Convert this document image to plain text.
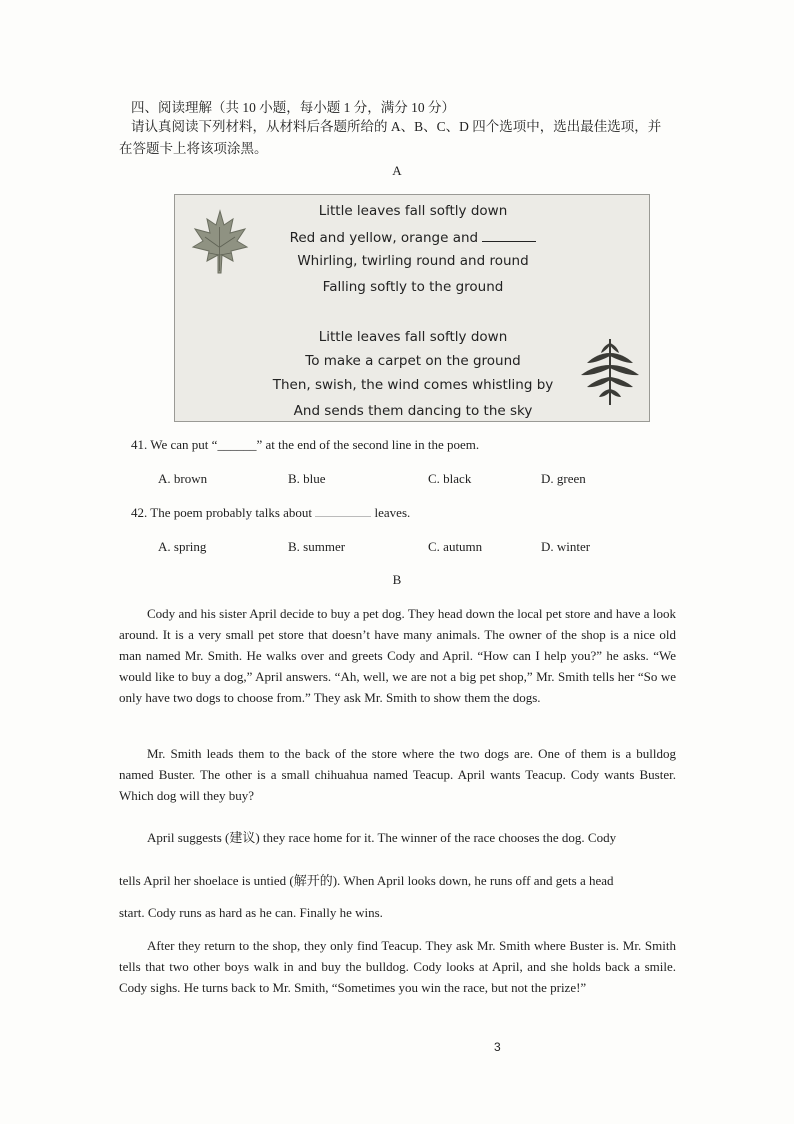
四、阅读理解（共 10 小题，每小题 1 分，满分 10 分）
请认真阅读下列材料，从材料后各题所给的 A、B、C、D 四个选项中，选出最佳选项，并
在答题卡上将该项涂黑。
A
Little leaves fall softly down
Red and yellow, orange and
Whirling, twirling round and round
Falling softly to the ground
Little leaves fall softly down
To make a carpet on the ground
Then, swish, the wind comes whistling by
And sends them dancing to the sky
41. We can put “______” at the end of the second line in the poem.
A. brown	B. blue	C. black	D. green
42. The poem probably talks about	leaves.
A. spring	B. summer	C. autumn	D. winter
B
Cody and his sister April decide to buy a pet dog. They head down the local pet store and have a look around. It is a very small pet store that doesn’t have many animals. The owner of the shop is a nice old man named Mr. Smith. He walks over and greets Cody and April. “How can I help you?” he asks. “We would like to buy a dog,” April answers. “Ah, well, we are not a big pet shop,” Mr. Smith tells her “So we only have two dogs to choose from.” They ask Mr. Smith to show them the dogs.
Mr. Smith leads them to the back of the store where the two dogs are. One of them is a bulldog named Buster. The other is a small chihuahua named Teacup. April wants Teacup. Cody wants Buster. Which dog will they buy?
April suggests (建议) they race home for it. The winner of the race chooses the dog. Cody
tells April her shoelace is untied (解开的). When April looks down, he runs off and gets a head
start. Cody runs as hard as he can. Finally he wins.
After they return to the shop, they only find Teacup. They ask Mr. Smith where Buster is. Mr. Smith tells that two other boys walk in and buy the bulldog. Cody looks at April, and she holds back a smile. Cody sighs. He turns back to Mr. Smith, “Sometimes you win the race, but not the prize!”
3
